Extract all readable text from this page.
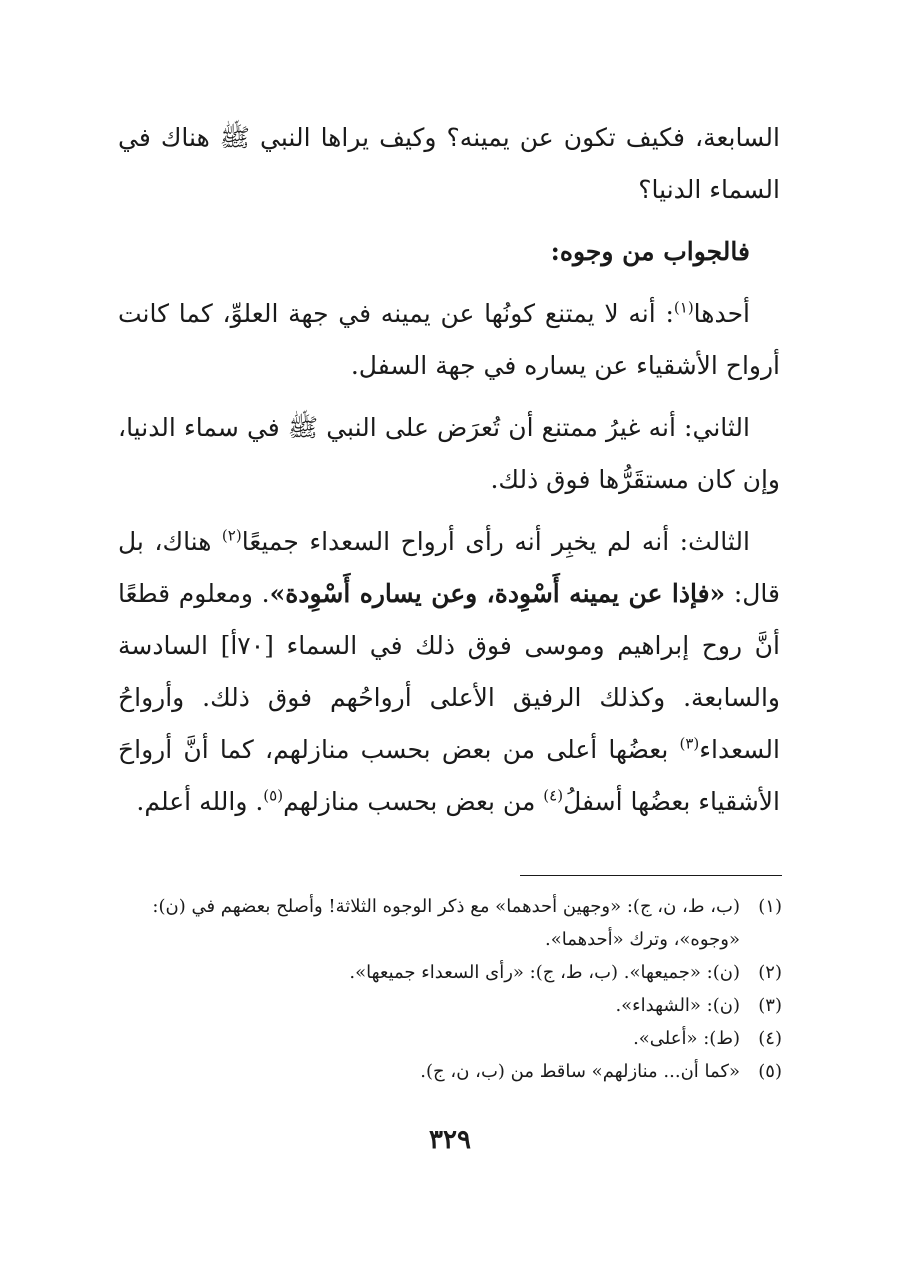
السابعة، فكيف تكون عن يمينه؟ وكيف يراها النبي ﷺ هناك في السماء الدنيا؟

فالجواب من وجوه:

أحدها$^{(١)}$: أنه لا يمتنع كونُها عن يمينه في جهة العلوِّ، كما كانت أرواح الأشقياء عن يساره في جهة السفل.

الثاني: أنه غيرُ ممتنع أن تُعرَض على النبي ﷺ في سماء الدنيا، وإن كان مستقَرُّها فوق ذلك.

الثالث: أنه لم يخبِر أنه رأى أرواح السعداء جميعًا$^{(٢)}$ هناك، بل قال: «فإذا عن يمينه أَسْوِدة، وعن يساره أَسْوِدة». ومعلوم قطعًا أنَّ روح إبراهيم وموسى فوق ذلك في السماء [٧٠أ] السادسة والسابعة. وكذلك الرفيق الأعلى أرواحُهم فوق ذلك. وأرواحُ السعداء$^{(٣)}$ بعضُها أعلى من بعض بحسب منازلهم، كما أنَّ أرواحَ الأشقياء بعضُها أسفلُ$^{(٤)}$ من بعض بحسب منازلهم$^{(٥)}$. والله أعلم.

(١)
(ب، ط، ن، ج): «وجهين أحدهما» مع ذكر الوجوه الثلاثة! وأصلح بعضهم في (ن): «وجوه»، وترك «أحدهما».
(٢)
(ن): «جميعها». (ب، ط، ج): «رأى السعداء جميعها».
(٣)
(ن): «الشهداء».
(٤)
(ط): «أعلى».
(٥)
«كما أن... منازلهم» ساقط من (ب، ن، ج).
٣٢٩
